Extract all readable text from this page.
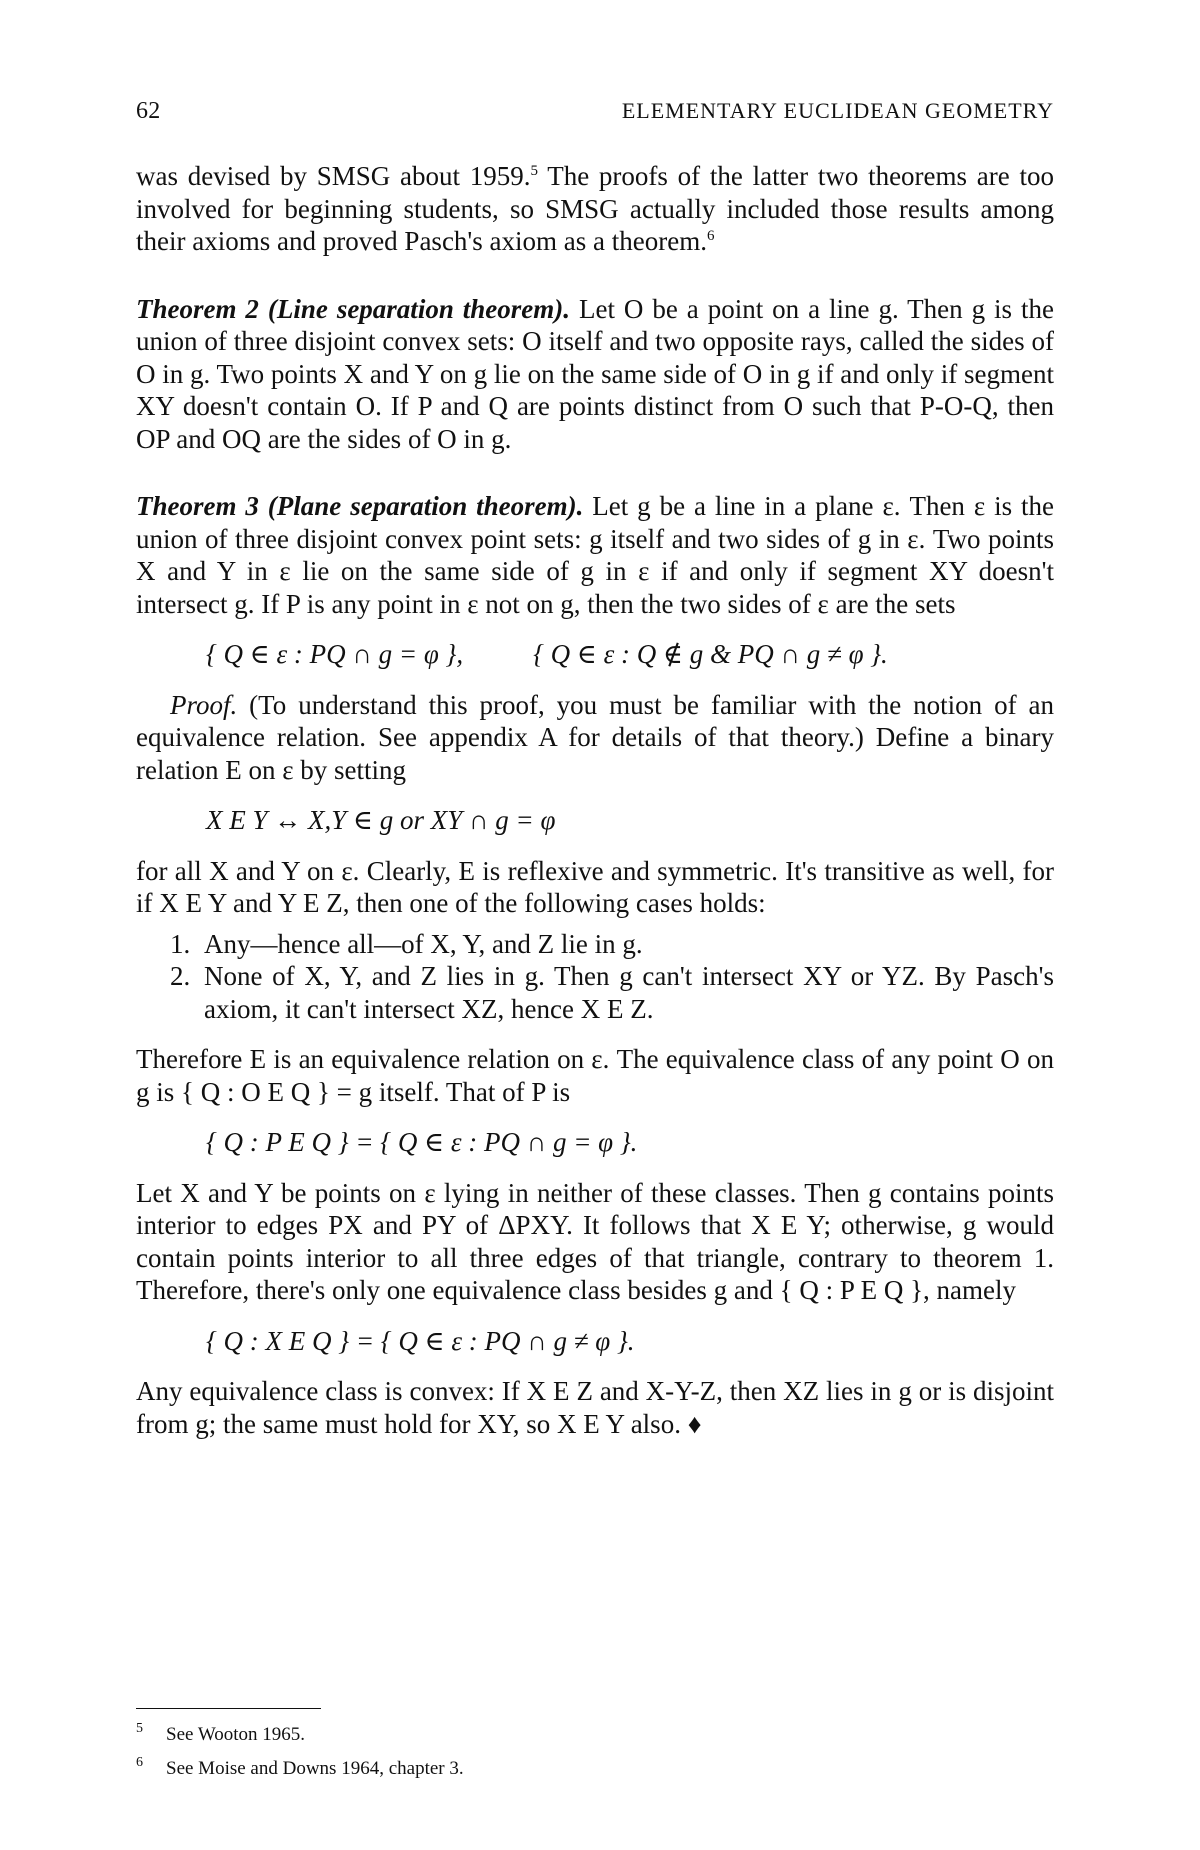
62	ELEMENTARY EUCLIDEAN GEOMETRY

was devised by SMSG about 1959.$^5$ The proofs of the latter two theorems are too involved for beginning students, so SMSG actually included those results among their axioms and proved Pasch's axiom as a theorem.$^6$

Theorem 2 (Line separation theorem). Let O be a point on a line g. Then g is the union of three disjoint convex sets: O itself and two opposite rays, called the sides of O in g. Two points X and Y on g lie on the same side of O in g if and only if segment XY doesn't contain O. If P and Q are points distinct from O such that P-O-Q, then OP and OQ are the sides of O in g.

Theorem 3 (Plane separation theorem). Let g be a line in a plane ε. Then ε is the union of three disjoint convex point sets: g itself and two sides of g in ε. Two points X and Y in ε lie on the same side of g in ε if and only if segment XY doesn't intersect g. If P is any point in ε not on g, then the two sides of ε are the sets

{ Q ∈ ε : PQ ∩ g = φ },	{ Q ∈ ε : Q ∉ g & PQ ∩ g ≠ φ }.

Proof. (To understand this proof, you must be familiar with the notion of an equivalence relation. See appendix A for details of that theory.) Define a binary relation E on ε by setting

X E Y ↔ X,Y ∈ g or XY ∩ g = φ

for all X and Y on ε. Clearly, E is reflexive and symmetric. It's transitive as well, for if X E Y and Y E Z, then one of the following cases holds:

1. Any—hence all—of X, Y, and Z lie in g.
2. None of X, Y, and Z lies in g. Then g can't intersect XY or YZ. By Pasch's axiom, it can't intersect XZ, hence X E Z.

Therefore E is an equivalence relation on ε. The equivalence class of any point O on g is { Q : O E Q } = g itself. That of P is

{ Q : P E Q } = { Q ∈ ε : PQ ∩ g = φ }.

Let X and Y be points on ε lying in neither of these classes. Then g contains points interior to edges PX and PY of ΔPXY. It follows that X E Y; otherwise, g would contain points interior to all three edges of that triangle, contrary to theorem 1. Therefore, there's only one equivalence class besides g and { Q : P E Q }, namely

{ Q : X E Q } = { Q ∈ ε : PQ ∩ g ≠ φ }.

Any equivalence class is convex: If X E Z and X-Y-Z, then XZ lies in g or is disjoint from g; the same must hold for XY, so X E Y also. ♦

5	See Wooton 1965.
6	See Moise and Downs 1964, chapter 3.
